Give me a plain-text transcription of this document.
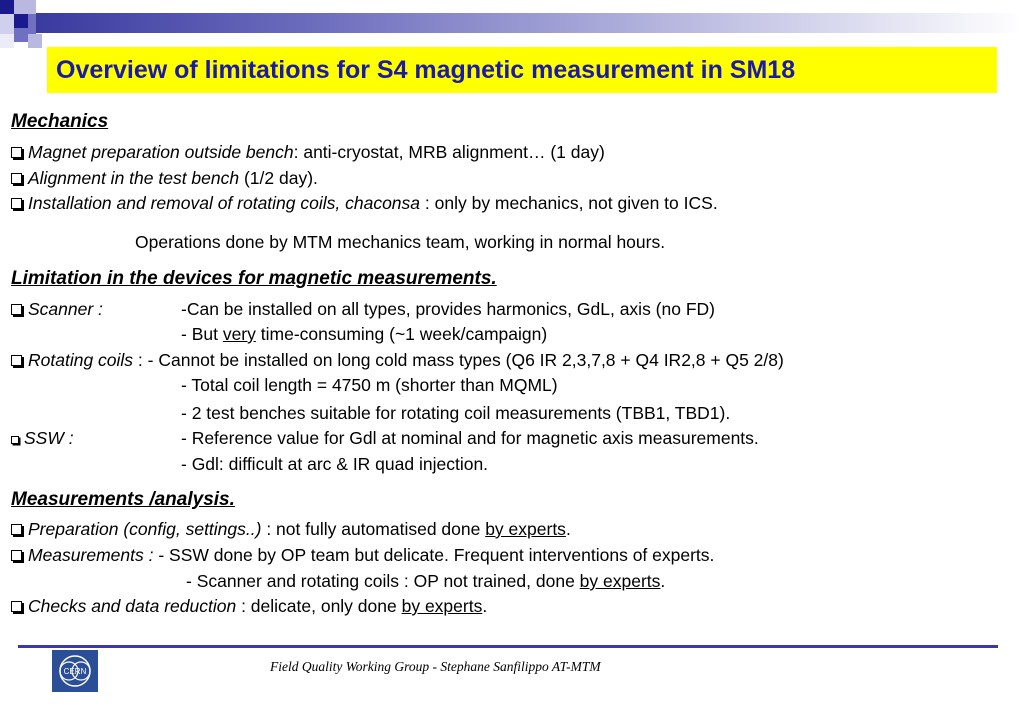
Overview of limitations for S4 magnetic measurement in SM18
Mechanics
Magnet preparation outside bench: anti-cryostat, MRB alignment… (1 day)
Alignment in the test bench (1/2 day).
Installation and removal of rotating coils, chaconsa : only by mechanics, not given to ICS.
Operations done by MTM mechanics team, working in normal hours.
Limitation in the devices for magnetic measurements.
Scanner :	-Can be installed on all types, provides harmonics, GdL, axis (no FD)
- But very time-consuming (~1 week/campaign)
Rotating coils : - Cannot be installed on long cold mass types (Q6 IR 2,3,7,8 + Q4 IR2,8 + Q5 2/8)
- Total coil length = 4750 m (shorter than MQML)
- 2 test benches suitable for rotating coil measurements (TBB1, TBD1).
SSW :	- Reference value for Gdl at nominal and for magnetic axis measurements.
- Gdl: difficult at arc & IR quad injection.
Measurements /analysis.
Preparation (config, settings..) : not fully automatised done by experts.
Measurements : - SSW done by OP team but delicate. Frequent interventions of experts.
- Scanner and rotating coils : OP not trained, done by experts.
Checks and data reduction : delicate, only done by experts.
CERN	Field Quality Working Group - Stephane Sanfilippo AT-MTM
